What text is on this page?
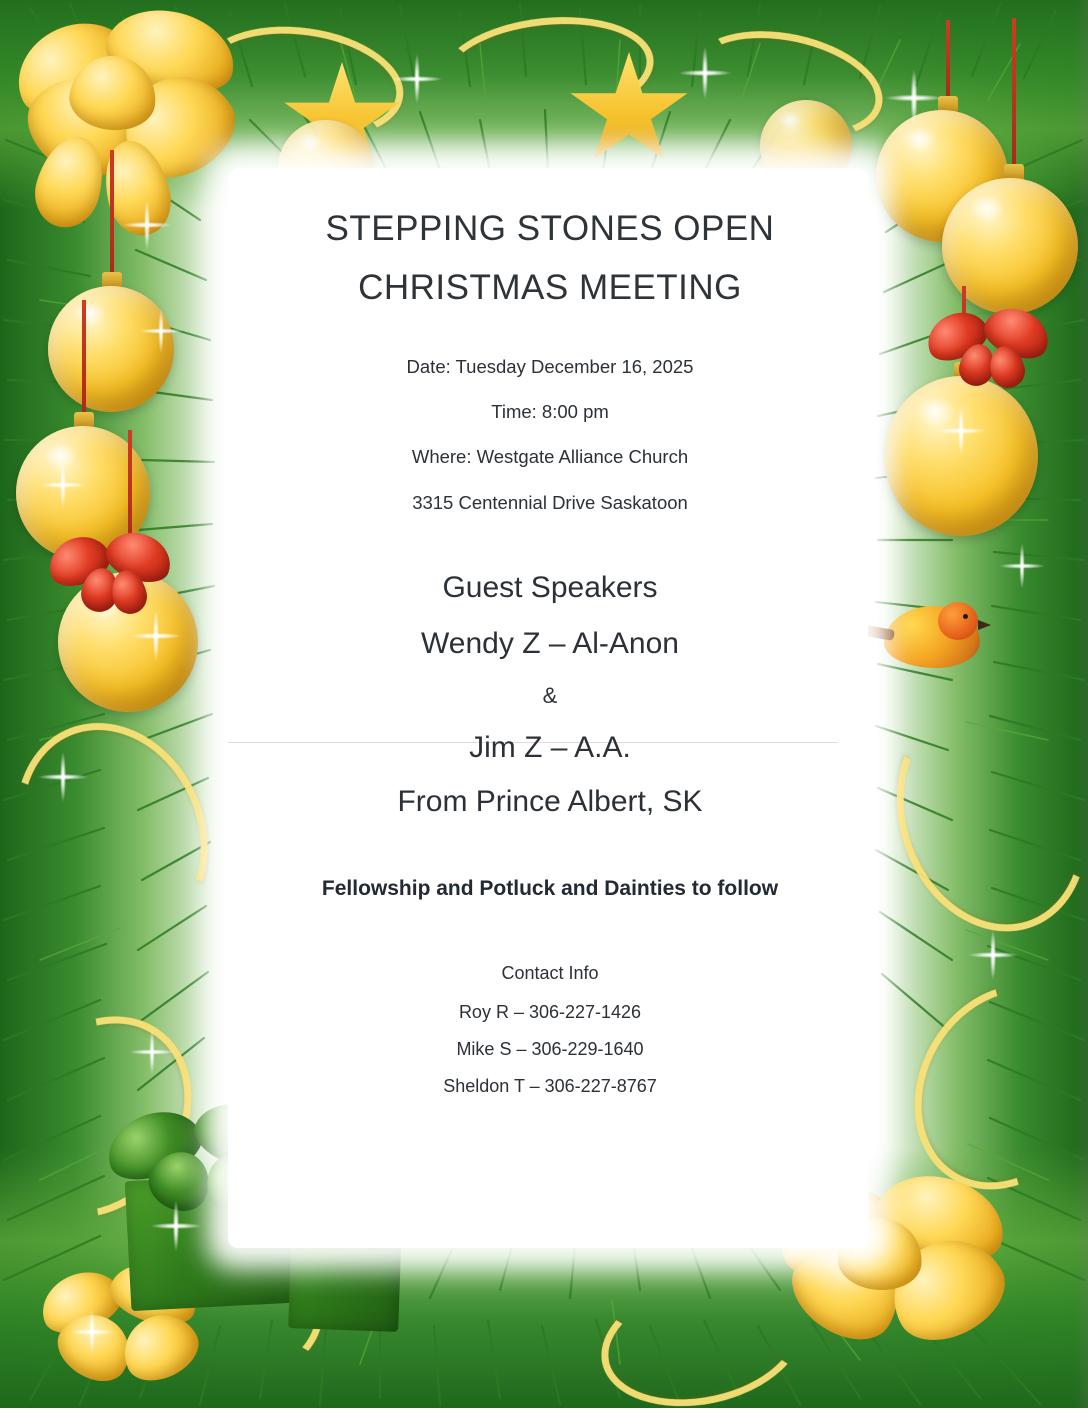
STEPPING STONES OPEN
CHRISTMAS MEETING
Date: Tuesday December 16, 2025
Time: 8:00 pm
Where: Westgate Alliance Church
3315 Centennial Drive Saskatoon
Guest Speakers
Wendy Z – Al-Anon
&
Jim Z – A.A.
From Prince Albert, SK
Fellowship and Potluck and Dainties to follow
Contact Info
Roy R – 306-227-1426
Mike S – 306-229-1640
Sheldon T – 306-227-8767
